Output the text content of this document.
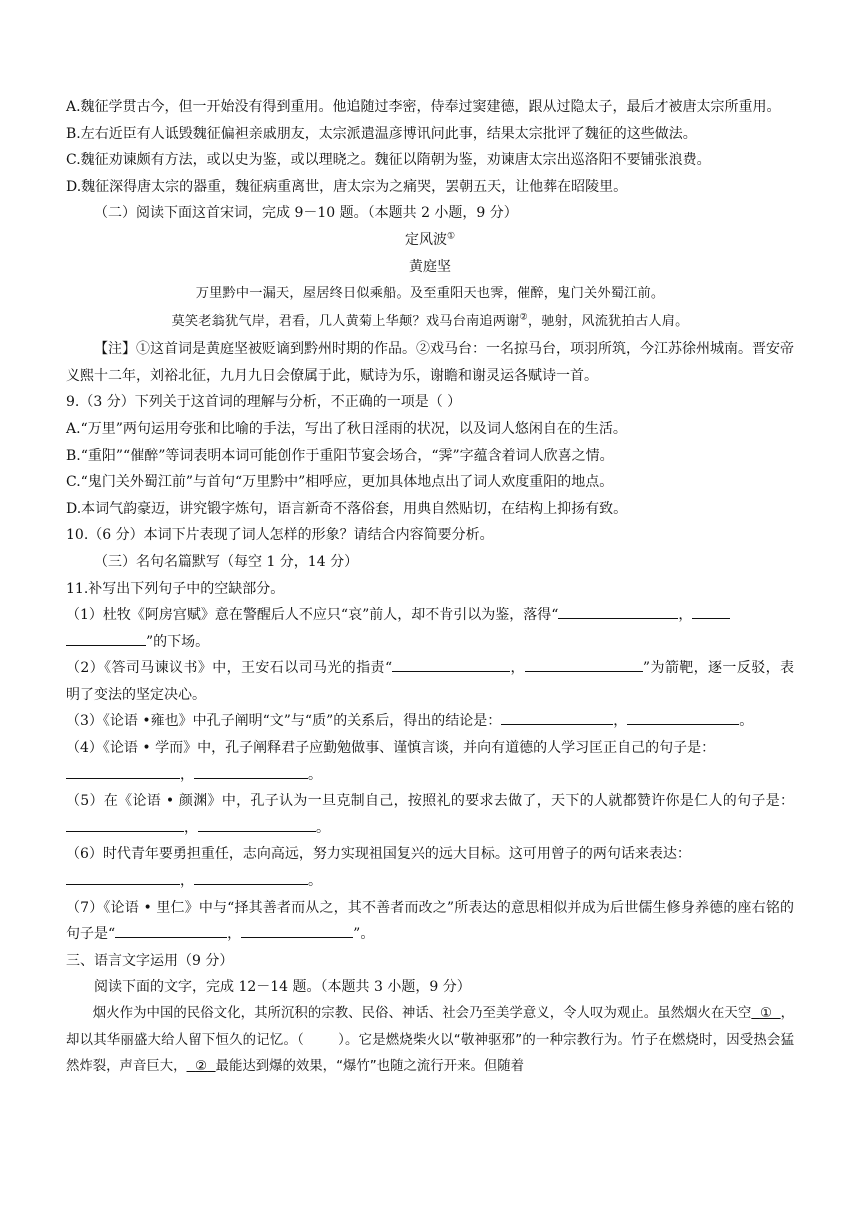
A.魏征学贯古今，但一开始没有得到重用。他追随过李密，侍奉过窦建德，跟从过隐太子，最后才被唐太宗所重用。

B.左右近臣有人诋毁魏征偏袒亲戚朋友，太宗派遣温彦博讯问此事，结果太宗批评了魏征的这些做法。

C.魏征劝谏颇有方法，或以史为鉴，或以理晓之。魏征以隋朝为鉴，劝谏唐太宗出巡洛阳不要铺张浪费。

D.魏征深得唐太宗的器重，魏征病重离世，唐太宗为之痛哭，罢朝五天，让他葬在昭陵里。

（二）阅读下面这首宋词，完成 9－10 题。（本题共 2 小题，9 分）

定风波①

黄庭坚

万里黔中一漏天，屋居终日似乘船。及至重阳天也霁，催醉，鬼门关外蜀江前。

莫笑老翁犹气岸，君看，几人黄菊上华颠？戏马台南追两谢②，驰射，风流犹拍古人肩。

【注】①这首词是黄庭坚被贬谪到黔州时期的作品。②戏马台：一名掠马台，项羽所筑，今江苏徐州城南。晋安帝义熙十二年，刘裕北征，九月九日会僚属于此，赋诗为乐，谢瞻和谢灵运各赋诗一首。

9.（3 分）下列关于这首词的理解与分析，不正确的一项是（ ）

A.“万里”两句运用夸张和比喻的手法，写出了秋日淫雨的状况，以及词人悠闲自在的生活。

B.“重阳”“催醉”等词表明本词可能创作于重阳节宴会场合，“霁”字蕴含着词人欣喜之情。

C.“鬼门关外蜀江前”与首句“万里黔中”相呼应，更加具体地点出了词人欢度重阳的地点。

D.本词气韵豪迈，讲究锻字炼句，语言新奇不落俗套，用典自然贴切，在结构上抑扬有致。

10.（6 分）本词下片表现了词人怎样的形象？请结合内容简要分析。

（三）名句名篇默写（每空 1 分，14 分）

11.补写出下列句子中的空缺部分。

（1）杜牧《阿房宫赋》意在警醒后人不应只“哀”前人，却不肯引以为鉴，落得“	，
”的下场。

（2）《答司马谏议书》中，王安石以司马光的指责“	，	”为箭靶，逐一反驳，表明了变法的坚定决心。

（3）《论语 •雍也》中孔子阐明“文”与“质”的关系后，得出的结论是：	，	。

（4）《论语 • 学而》中，孔子阐释君子应勤勉做事、谨慎言谈，并向有道德的人学习匡正自己的句子是：
，	。

（5）在《论语 • 颜渊》中，孔子认为一旦克制自己，按照礼的要求去做了，天下的人就都赞许你是仁人的句子是：，	。

（6）时代青年要勇担重任，志向高远，努力实现祖国复兴的远大目标。这可用曾子的两句话来表达：
，	。

（7）《论语 • 里仁》中与“择其善者而从之，其不善者而改之”所表达的意思相似并成为后世儒生修身养德的座右铭的句子是“	，	”。

三、语言文字运用（9 分）

阅读下面的文字，完成 12－14 题。（本题共 3 小题，9 分）

烟火作为中国的民俗文化，其所沉积的宗教、民俗、神话、社会乃至美学意义，令人叹为观止。虽然烟火在天空 ① ，却以其华丽盛大给人留下恒久的记忆。（	）。它是燃烧柴火以“敬神驱邪”的一种宗教行为。竹子在燃烧时，因受热会猛然炸裂，声音巨大， ② 最能达到爆的效果，“爆竹”也随之流行开来。但随着
